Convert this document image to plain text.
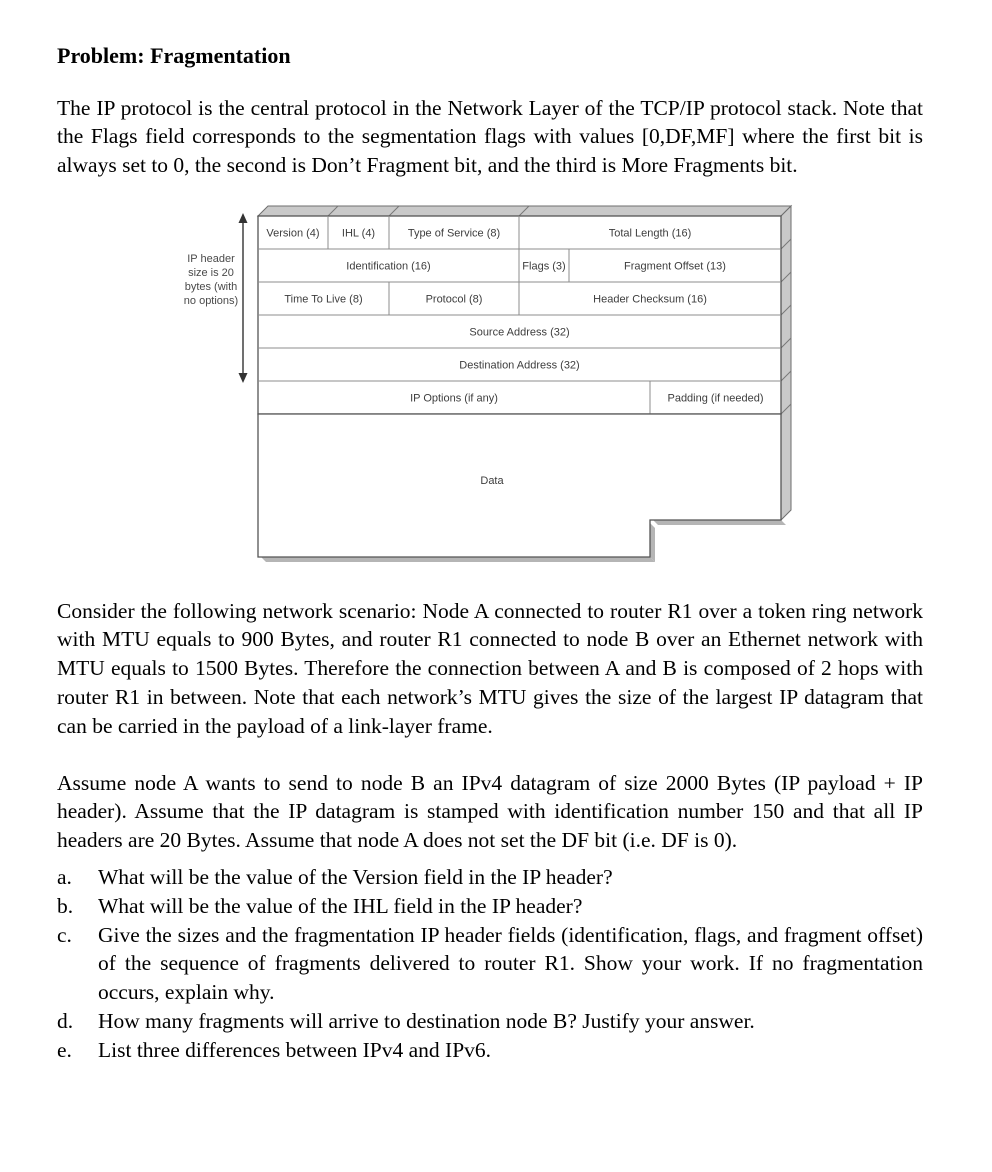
Problem: Fragmentation

The IP protocol is the central protocol in the Network Layer of the TCP/IP protocol stack. Note that the Flags field corresponds to the segmentation flags with values [0,DF,MF] where the first bit is always set to 0, the second is Don’t Fragment bit, and the third is More Fragments bit.

Version (4) IHL (4)	Type of Service (8)	Total Length (16)
Identification (16)	Flags (3)	Fragment Offset (13)
Time To Live (8)	Protocol (8)	Header Checksum (16)
Source Address (32)
Destination Address (32)
IP Options (if any)	Padding (if needed)
Data
IP header
size is 20
bytes (with
no options)

Consider the following network scenario: Node A connected to router R1 over a token ring network with MTU equals to 900 Bytes, and router R1 connected to node B over an Ethernet network with MTU equals to 1500 Bytes. Therefore the connection between A and B is composed of 2 hops with router R1 in between. Note that each network’s MTU gives the size of the largest IP datagram that can be carried in the payload of a link-layer frame.

Assume node A wants to send to node B an IPv4 datagram of size 2000 Bytes (IP payload + IP header). Assume that the IP datagram is stamped with identification number 150 and that all IP headers are 20 Bytes. Assume that node A does not set the DF bit (i.e. DF is 0).

a.	What will be the value of the Version field in the IP header?
b.	What will be the value of the IHL field in the IP header?
c.	Give the sizes and the fragmentation IP header fields (identification, flags, and fragment offset) of the sequence of fragments delivered to router R1. Show your work. If no fragmentation occurs, explain why.
d.	How many fragments will arrive to destination node B? Justify your answer.
e.	List three differences between IPv4 and IPv6.
